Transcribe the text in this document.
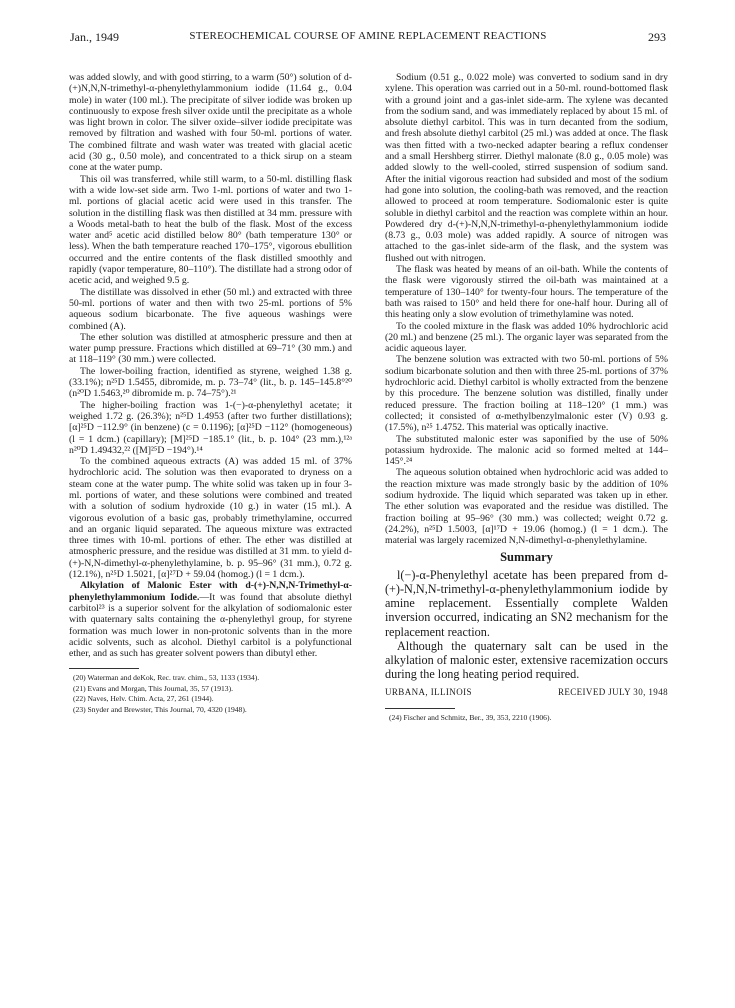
Jan., 1949	STEREOCHEMICAL COURSE OF AMINE REPLACEMENT REACTIONS	293

was added slowly, and with good stirring, to a warm (50°) solution of d-(+)N,N,N-trimethyl-α-phenylethylammonium iodide (11.64 g., 0.04 mole) in water (100 ml.). The precipitate of silver iodide was broken up continuously to expose fresh silver oxide until the precipitate as a whole was light brown in color. The silver oxide–silver iodide precipitate was removed by filtration and washed with four 50-ml. portions of water. The combined filtrate and wash water was treated with glacial acetic acid (30 g., 0.50 mole), and concentrated to a thick sirup on a steam cone at the water pump.

This oil was transferred, while still warm, to a 50-ml. distilling flask with a wide low-set side arm. Two 1-ml. portions of water and two 1-ml. portions of glacial acetic acid were used in this transfer. The solution in the distilling flask was then distilled at 34 mm. pressure with a Woods metal-bath to heat the bulb of the flask. Most of the excess water and⁵ acetic acid distilled below 80° (bath temperature 130° or less). When the bath temperature reached 170–175°, vigorous ebullition occurred and the entire contents of the flask distilled smoothly and rapidly (vapor temperature, 80–110°). The distillate had a strong odor of acetic acid, and weighed 9.5 g.

The distillate was dissolved in ether (50 ml.) and extracted with three 50-ml. portions of water and then with two 25-ml. portions of 5% aqueous sodium bicarbonate. The five aqueous washings were combined (A).

The ether solution was distilled at atmospheric pressure and then at water pump pressure. Fractions which distilled at 69–71° (30 mm.) and at 118–119° (30 mm.) were collected.

The lower-boiling fraction, identified as styrene, weighed 1.38 g. (33.1%); n²⁵D 1.5455, dibromide, m. p. 73–74° (lit., b. p. 145–145.8°²⁰ (n²⁰D 1.5463,²⁰ dibromide m. p. 74–75°).²¹

The higher-boiling fraction was 1-(−)-α-phenylethyl acetate; it weighed 1.72 g. (26.3%); n²⁵D 1.4953 (after two further distillations); [α]²⁵D −112.9° (in benzene) (c = 0.1196); [α]²⁵D −112° (homogeneous) (l = 1 dcm.) (capillary); [M]²⁵D −185.1° (lit., b. p. 104° (23 mm.),¹²ᵃ n²⁰D 1.49432,²² ([M]²⁵D −194°).¹⁴

To the combined aqueous extracts (A) was added 15 ml. of 37% hydrochloric acid. The solution was then evaporated to dryness on a steam cone at the water pump. The white solid was taken up in four 3-ml. portions of water, and these solutions were combined and treated with a solution of sodium hydroxide (10 g.) in water (15 ml.). A vigorous evolution of a basic gas, probably trimethylamine, occurred and an organic liquid separated. The aqueous mixture was extracted three times with 10-ml. portions of ether. The ether was distilled at atmospheric pressure, and the residue was distilled at 31 mm. to yield d-(+)-N,N-dimethyl-α-phenylethylamine, b. p. 95–96° (31 mm.), 0.72 g. (12.1%), n²⁵D 1.5021, [α]²⁷D + 59.04 (homog.) (l = 1 dcm.).

Alkylation of Malonic Ester with d-(+)-N,N,N-Trimethyl-α-phenylethylammonium Iodide.—It was found that absolute diethyl carbitol²³ is a superior solvent for the alkylation of sodiomalonic ester with quaternary salts containing the α-phenylethyl group, for styrene formation was much lower in non-protonic solvents than in the more acidic solvents, such as alcohol. Diethyl carbitol is a polyfunctional ether, and as such has greater solvent powers than dibutyl ether.

(20) Waterman and deKok, Rec. trav. chim., 53, 1133 (1934).

(21) Evans and Morgan, This Journal, 35, 57 (1913).

(22) Naves, Helv. Chim. Acta, 27, 261 (1944).

(23) Snyder and Brewster, This Journal, 70, 4320 (1948).

Sodium (0.51 g., 0.022 mole) was converted to sodium sand in dry xylene. This operation was carried out in a 50-ml. round-bottomed flask with a ground joint and a gas-inlet side-arm. The xylene was decanted from the sodium sand, and was immediately replaced by about 15 ml. of absolute diethyl carbitol. This was in turn decanted from the sodium, and fresh absolute diethyl carbitol (25 ml.) was added at once. The flask was then fitted with a two-necked adapter bearing a reflux condenser and a small Hershberg stirrer. Diethyl malonate (8.0 g., 0.05 mole) was added slowly to the well-cooled, stirred suspension of sodium sand. After the initial vigorous reaction had subsided and most of the sodium had gone into solution, the cooling-bath was removed, and the reaction allowed to proceed at room temperature. Sodiomalonic ester is quite soluble in diethyl carbitol and the reaction was complete within an hour. Powdered dry d-(+)-N,N,N-trimethyl-α-phenylethylammonium iodide (8.73 g., 0.03 mole) was added rapidly. A source of nitrogen was attached to the gas-inlet side-arm of the flask, and the system was flushed out with nitrogen.

The flask was heated by means of an oil-bath. While the contents of the flask were vigorously stirred the oil-bath was maintained at a temperature of 130–140° for twenty-four hours. The temperature of the bath was raised to 150° and held there for one-half hour. During all of this heating only a slow evolution of trimethylamine was noted.

To the cooled mixture in the flask was added 10% hydrochloric acid (20 ml.) and benzene (25 ml.). The organic layer was separated from the acidic aqueous layer.

The benzene solution was extracted with two 50-ml. portions of 5% sodium bicarbonate solution and then with three 25-ml. portions of 37% hydrochloric acid. Diethyl carbitol is wholly extracted from the benzene by this procedure. The benzene solution was distilled, finally under reduced pressure. The fraction boiling at 118–120° (1 mm.) was collected; it consisted of α-methylbenzylmalonic ester (V) 0.93 g. (17.5%), n²⁵ 1.4752. This material was optically inactive.

The substituted malonic ester was saponified by the use of 50% potassium hydroxide. The malonic acid so formed melted at 144–145°.²⁴

The aqueous solution obtained when hydrochloric acid was added to the reaction mixture was made strongly basic by the addition of 10% sodium hydroxide. The liquid which separated was taken up in ether. The ether solution was evaporated and the residue was distilled. The fraction boiling at 95–96° (30 mm.) was collected; weight 0.72 g. (24.2%), n²⁵D 1.5003, [α]¹⁷D + 19.06 (homog.) (l = 1 dcm.). The material was largely racemized N,N-dimethyl-α-phenylethylamine.

Summary

l(−)-α-Phenylethyl acetate has been prepared from d-(+)-N,N,N-trimethyl-α-phenylethylammonium iodide by amine replacement. Essentially complete Walden inversion occurred, indicating an SN2 mechanism for the replacement reaction.

Although the quaternary salt can be used in the alkylation of malonic ester, extensive racemization occurs during the long heating period required.

URBANA, ILLINOIS	RECEIVED JULY 30, 1948

(24) Fischer and Schmitz, Ber., 39, 353, 2210 (1906).
